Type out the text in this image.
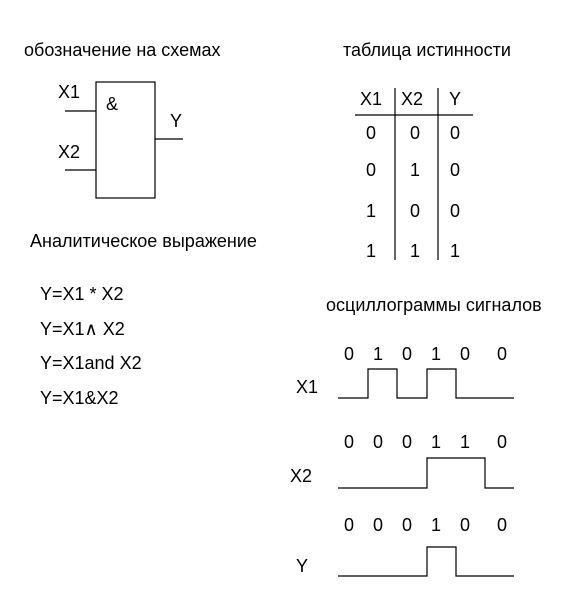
обозначение на схемах
X1
X2
&
Y
таблица истинности
X1 X2 Y
0 0 0
0 1 0
1 0 0
1 1 1
Аналитическое выражение
Y=X1 * X2
Y=X1∧ X2
Y=X1and X2
Y=X1&X2
осциллограммы сигналов
X1
X2
Y
0 1 0 1 0 0
0 0 0 1 1 0
0 0 0 1 0 0
